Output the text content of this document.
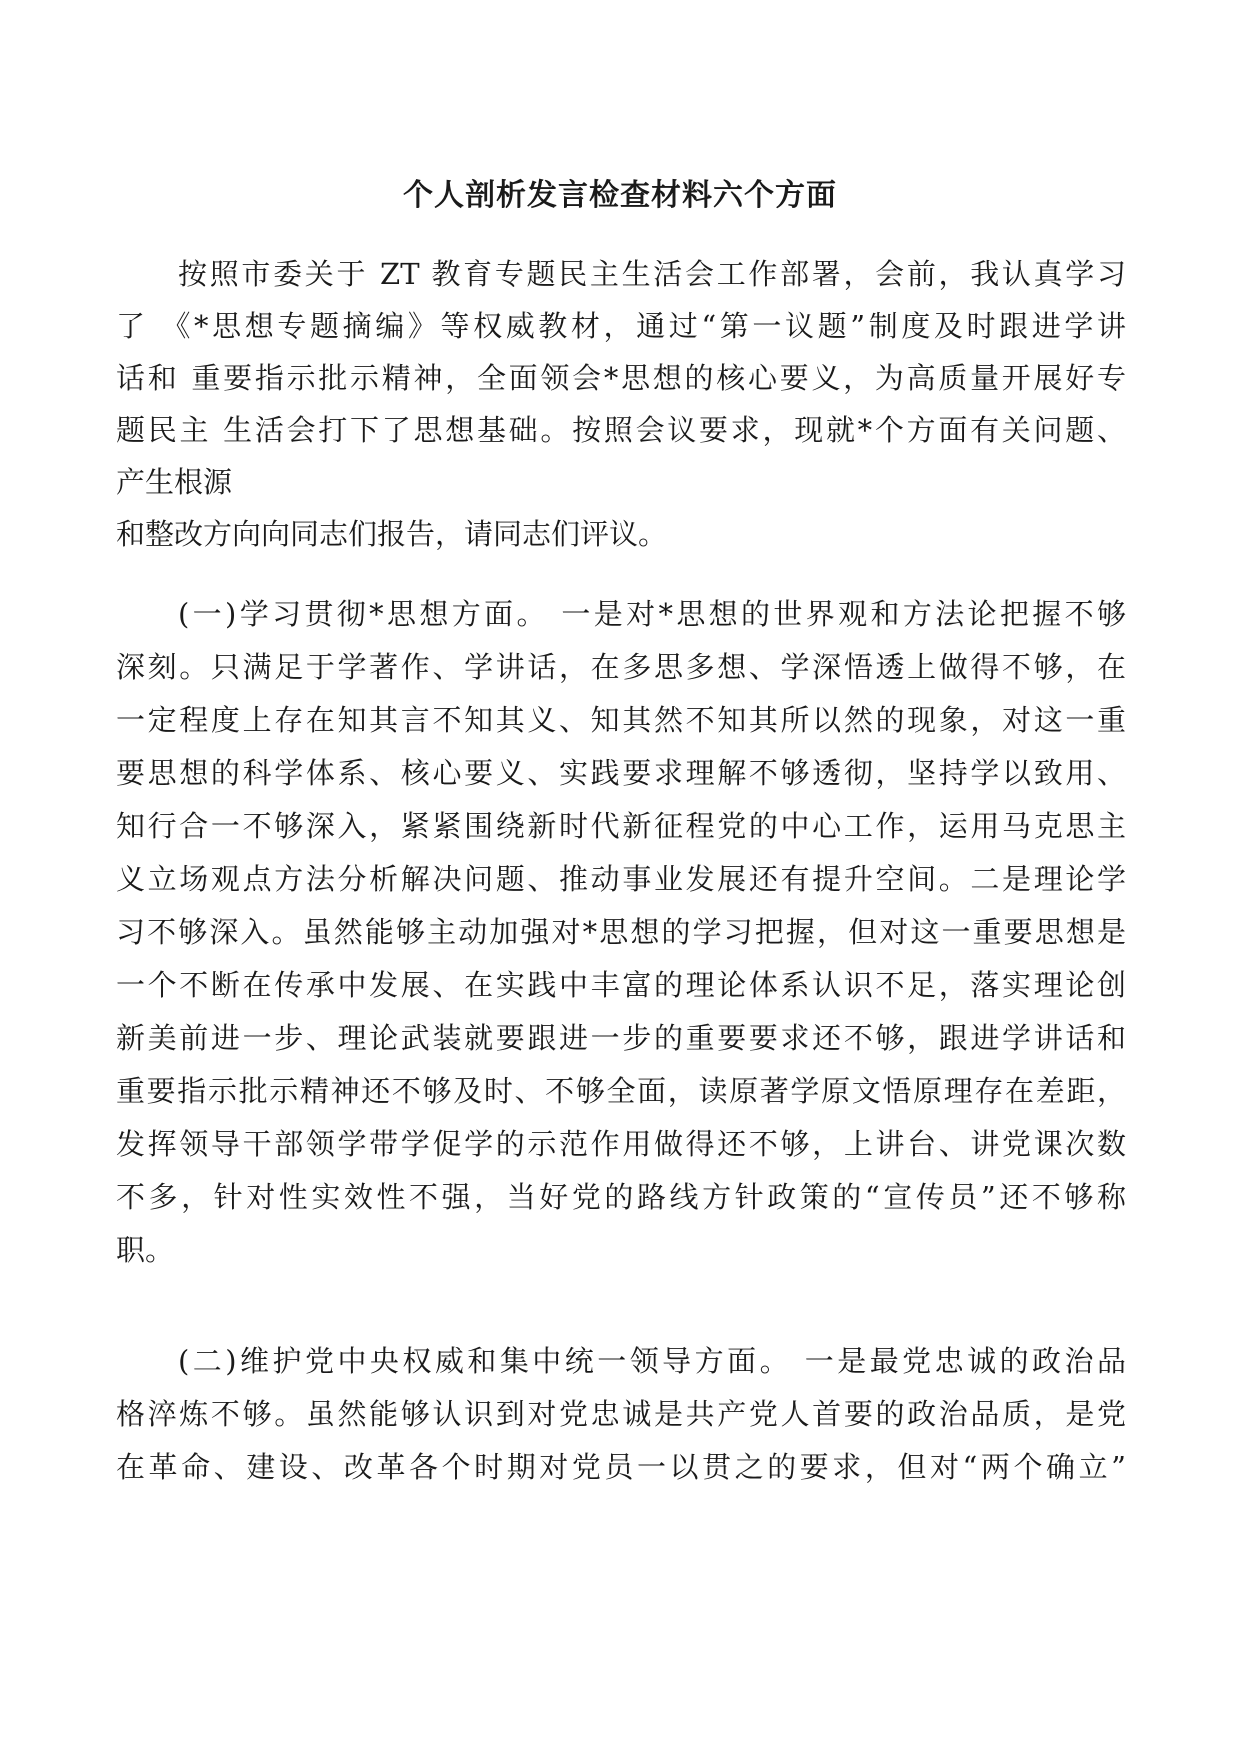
个人剖析发言检查材料六个方面
按照市委关于 ZT 教育专题民主生活会工作部署，会前，我认真学习
了 《*思想专题摘编》等权威教材，通过“第一议题”制度及时跟进学讲
话和 重要指示批示精神，全面领会*思想的核心要义，为高质量开展好专
题民主 生活会打下了思想基础。按照会议要求，现就*个方面有关问题、
产生根源
和整改方向向同志们报告，请同志们评议。
(一)学习贯彻*思想方面。 一是对*思想的世界观和方法论把握不够
深刻。只满足于学著作、学讲话，在多思多想、学深悟透上做得不够，在
一定程度上存在知其言不知其义、知其然不知其所以然的现象，对这一重
要思想的科学体系、核心要义、实践要求理解不够透彻，坚持学以致用、
知行合一不够深入，紧紧围绕新时代新征程党的中心工作，运用马克思主
义立场观点方法分析解决问题、推动事业发展还有提升空间。二是理论学
习不够深入。虽然能够主动加强对*思想的学习把握，但对这一重要思想是
一个不断在传承中发展、在实践中丰富的理论体系认识不足，落实理论创
新美前进一步、理论武装就要跟进一步的重要要求还不够，跟进学讲话和
重要指示批示精神还不够及时、不够全面，读原著学原文悟原理存在差距，
发挥领导干部领学带学促学的示范作用做得还不够，上讲台、讲党课次数
不多，针对性实效性不强，当好党的路线方针政策的“宣传员”还不够称
职。
(二)维护党中央权威和集中统一领导方面。 一是最党忠诚的政治品
格淬炼不够。虽然能够认识到对党忠诚是共产党人首要的政治品质，是党
在革命、建设、改革各个时期对党员一以贯之的要求，但对“两个确立”
